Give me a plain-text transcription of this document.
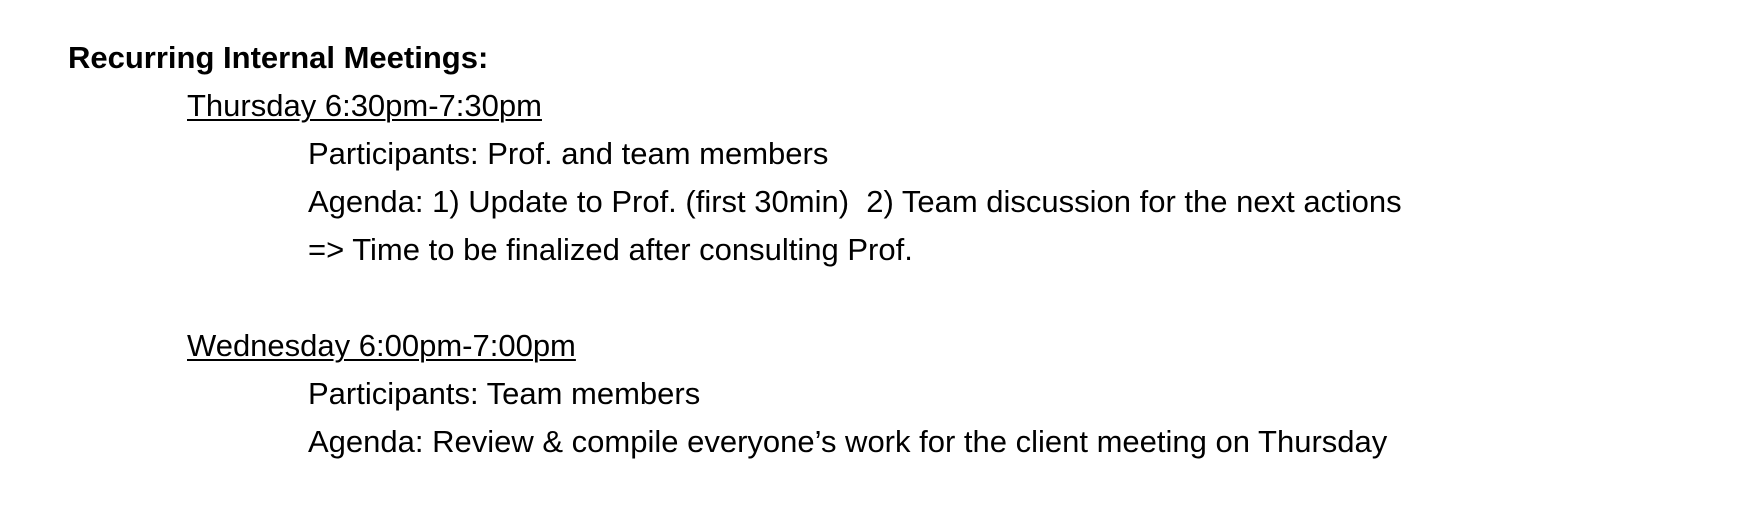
Recurring Internal Meetings:
Thursday 6:30pm-7:30pm
Participants: Prof. and team members
Agenda: 1) Update to Prof. (first 30min)  2) Team discussion for the next actions
=> Time to be finalized after consulting Prof.
Wednesday 6:00pm-7:00pm
Participants: Team members
Agenda: Review & compile everyone’s work for the client meeting on Thursday
